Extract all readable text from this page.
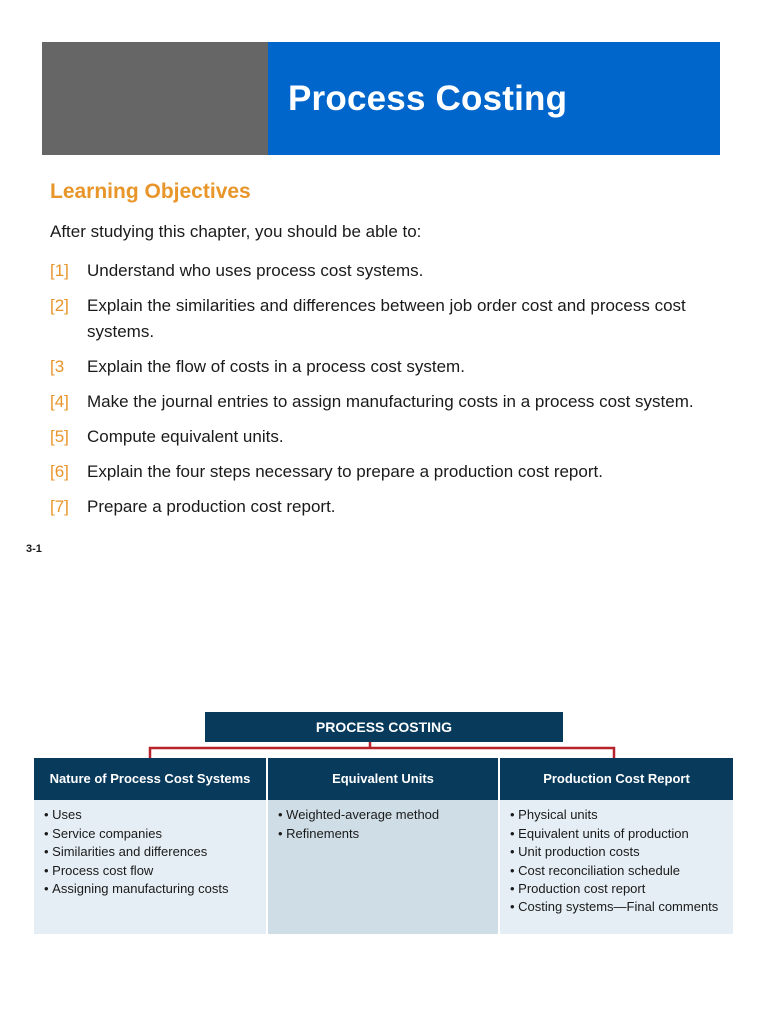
Process Costing
Learning Objectives
After studying this chapter, you should be able to:
[1]	Understand who uses process cost systems.
[2]	Explain the similarities and differences between job order cost and process cost systems.
[3	Explain the flow of costs in a process cost system.
[4]	Make the journal entries to assign manufacturing costs in a process cost system.
[5]	Compute equivalent units.
[6]	Explain the four steps necessary to prepare a production cost report.
[7]	Prepare a production cost report.
3-1
PROCESS COSTING
Nature of Process Cost Systems
• Uses
• Service companies
• Similarities and differences
• Process cost flow
• Assigning manufacturing costs
Equivalent Units
• Weighted-average method
• Refinements
Production Cost Report
• Physical units
• Equivalent units of production
• Unit production costs
• Cost reconciliation schedule
• Production cost report
• Costing systems—Final comments
